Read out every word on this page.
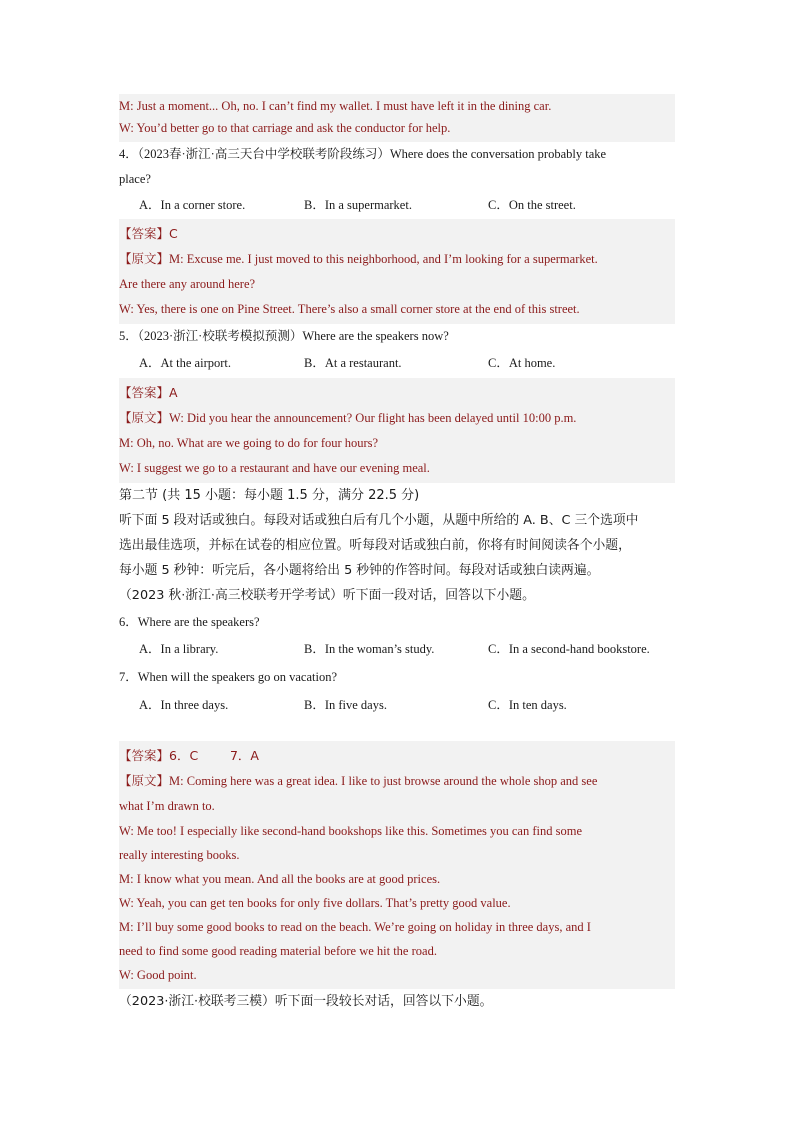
M: Just a moment... Oh, no. I can’t find my wallet. I must have left it in the dining car.
W: You’d better go to that carriage and ask the conductor for help.
4．（2023春·浙江·高三天台中学校联考阶段练习）Where does the conversation probably take
place?
A．In a corner store.	B．In a supermarket.	C．On the street.
【答案】C
【原文】M: Excuse me. I just moved to this neighborhood, and I’m looking for a supermarket.
Are there any around here?
W: Yes, there is one on Pine Street. There’s also a small corner store at the end of this street.
5．（2023·浙江·校联考模拟预测）Where are the speakers now?
A．At the airport.	B．At a restaurant.	C．At home.
【答案】A
【原文】W: Did you hear the announcement? Our flight has been delayed until 10:00 p.m.
M: Oh, no. What are we going to do for four hours?
W: I suggest we go to a restaurant and have our evening meal.
第二节 (共 15 小题：每小题 1.5 分，满分 22.5 分)
听下面 5 段对话或独白。每段对话或独白后有几个小题，从题中所给的 A. B、C 三个选项中
选出最佳选项，并标在试卷的相应位置。听每段对话或独白前，你将有时间阅读各个小题，
每小题 5 秒钟：听完后，各小题将给出 5 秒钟的作答时间。每段对话或独白读两遍。
（2023 秋·浙江·高三校联考开学考试）听下面一段对话，回答以下小题。
6．Where are the speakers?
A．In a library.	B．In the woman’s study.	C．In a second-hand bookstore.
7．When will the speakers go on vacation?
A．In three days.	B．In five days.	C．In ten days.
【答案】6．C        7．A
【原文】M: Coming here was a great idea. I like to just browse around the whole shop and see
what I’m drawn to.
W: Me too! I especially like second-hand bookshops like this. Sometimes you can find some
really interesting books.
M: I know what you mean. And all the books are at good prices.
W: Yeah, you can get ten books for only five dollars. That’s pretty good value.
M: I’ll buy some good books to read on the beach. We’re going on holiday in three days, and I
need to find some good reading material before we hit the road.
W: Good point.
（2023·浙江·校联考三模）听下面一段较长对话，回答以下小题。
